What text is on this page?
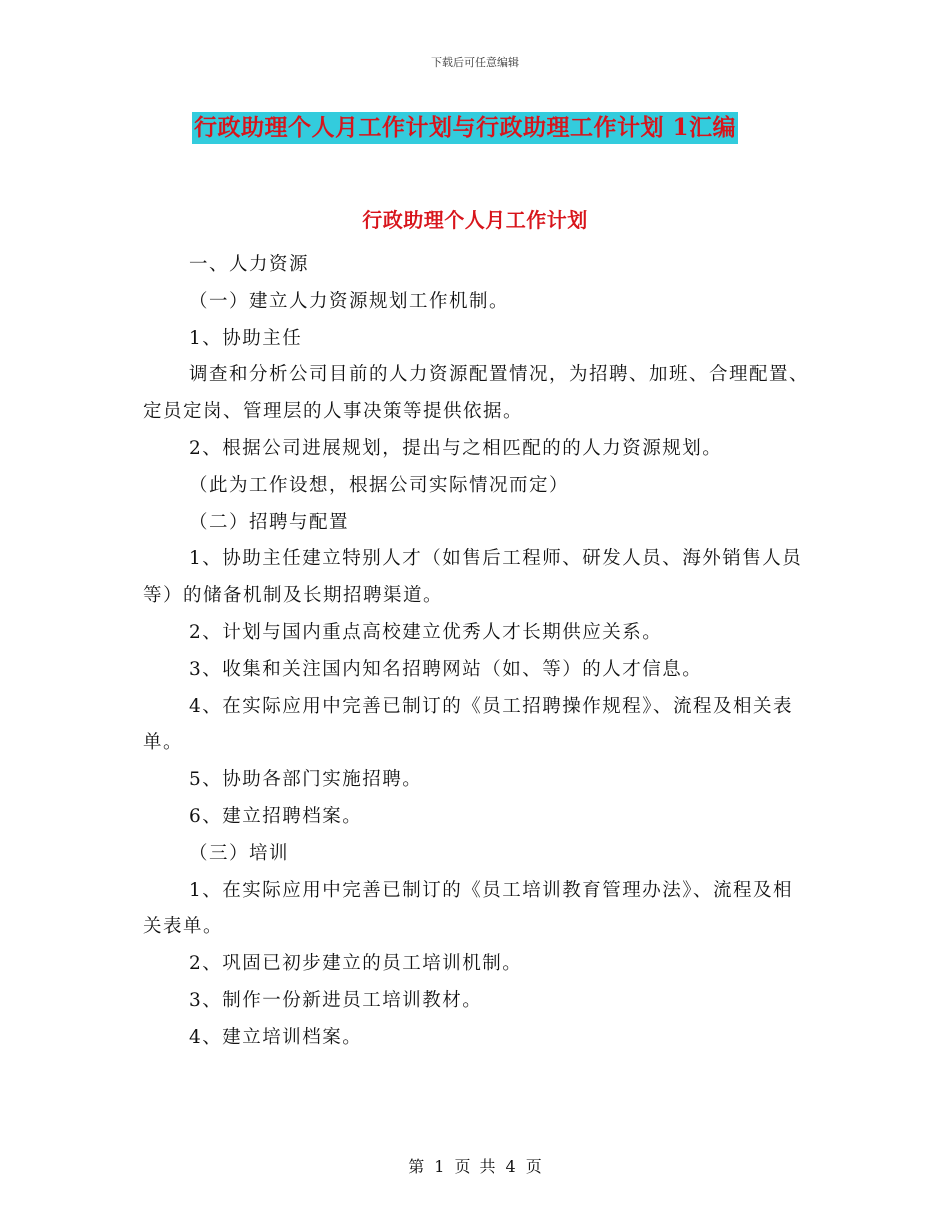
下载后可任意编辑
行政助理个人月工作计划与行政助理工作计划 1汇编
行政助理个人月工作计划

一、人力资源

（一）建立人力资源规划工作机制。

1、协助主任

调查和分析公司目前的人力资源配置情况，为招聘、加班、合理配置、定员定岗、管理层的人事决策等提供依据。

2、根据公司进展规划，提出与之相匹配的的人力资源规划。

（此为工作设想，根据公司实际情况而定）

（二）招聘与配置

1、协助主任建立特别人才（如售后工程师、研发人员、海外销售人员等）的储备机制及长期招聘渠道。

2、计划与国内重点高校建立优秀人才长期供应关系。

3、收集和关注国内知名招聘网站（如、等）的人才信息。

4、在实际应用中完善已制订的《员工招聘操作规程》、流程及相关表单。

5、协助各部门实施招聘。

6、建立招聘档案。

（三）培训

1、在实际应用中完善已制订的《员工培训教育管理办法》、流程及相关表单。

2、巩固已初步建立的员工培训机制。

3、制作一份新进员工培训教材。

4、建立培训档案。

第 1 页 共 4 页
